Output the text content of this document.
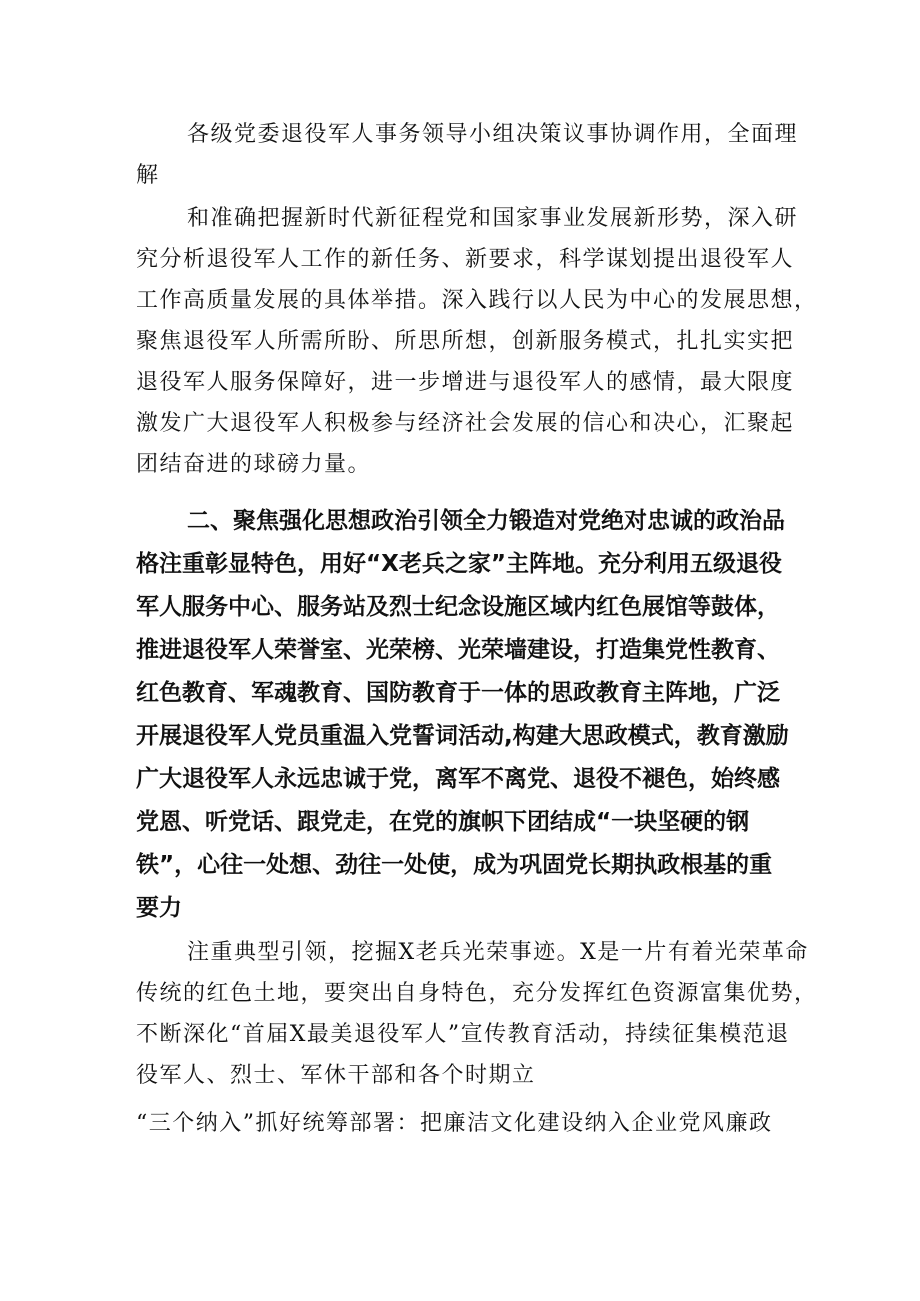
各级党委退役军人事务领导小组决策议事协调作用，全面理
解
和准确把握新时代新征程党和国家事业发展新形势，深入研
究分析退役军人工作的新任务、新要求，科学谋划提出退役军人
工作高质量发展的具体举措。深入践行以人民为中心的发展思想，
聚焦退役军人所需所盼、所思所想，创新服务模式，扎扎实实把
退役军人服务保障好，进一步增进与退役军人的感情，最大限度
激发广大退役军人积极参与经济社会发展的信心和决心，汇聚起
团结奋进的球磅力量。
二、聚焦强化思想政治引领全力锻造对党绝对忠诚的政治品
格注重彰显特色，用好“X老兵之家”主阵地。充分利用五级退役
军人服务中心、服务站及烈士纪念设施区域内红色展馆等鼓体，
推进退役军人荣誉室、光荣榜、光荣墙建设，打造集党性教育、
红色教育、军魂教育、国防教育于一体的思政教育主阵地，广泛
开展退役军人党员重温入党誓词活动,构建大思政模式，教育激励
广大退役军人永远忠诚于党，离军不离党、退役不褪色，始终感
党恩、听党话、跟党走，在党的旗帜下团结成“一块坚硬的钢
铁”，心往一处想、劲往一处使，成为巩固党长期执政根基的重
要力
注重典型引领，挖掘X老兵光荣事迹。X是一片有着光荣革命
传统的红色土地，要突出自身特色，充分发挥红色资源富集优势，
不断深化“首届X最美退役军人”宣传教育活动，持续征集模范退
役军人、烈士、军休干部和各个时期立
“三个纳入”抓好统筹部署：把廉洁文化建设纳入企业党风廉政
